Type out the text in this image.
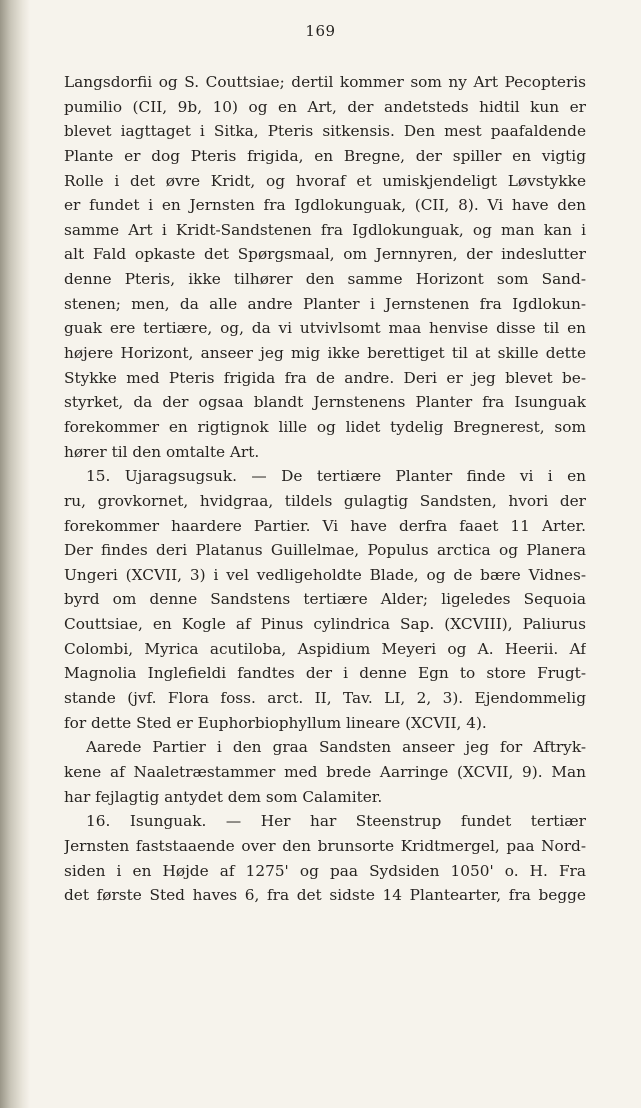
169
Langsdorfii og S. Couttsiae; dertil kommer som ny Art Pecopteris
pumilio (CII, 9b, 10) og en Art, der andetsteds hidtil kun er
blevet iagttaget i Sitka, Pteris sitkensis. Den mest paafaldende
Plante er dog Pteris frigida, en Bregne, der spiller en vigtig
Rolle i det øvre Kridt, og hvoraf et umiskjendeligt Løvstykke
er fundet i en Jernsten fra Igdlokunguak, (CII, 8). Vi have den
samme Art i Kridt-Sandstenen fra Igdlokunguak, og man kan i
alt Fald opkaste det Spørgsmaal, om Jernnyren, der indeslutter
denne Pteris, ikke tilhører den samme Horizont som Sand-
stenen; men, da alle andre Planter i Jernstenen fra Igdlokun-
guak ere tertiære, og, da vi utvivlsomt maa henvise disse til en
højere Horizont, anseer jeg mig ikke berettiget til at skille dette
Stykke med Pteris frigida fra de andre. Deri er jeg blevet be-
styrket, da der ogsaa blandt Jernstenens Planter fra Isunguak
forekommer en rigtignok lille og lidet tydelig Bregnerest, som
hører til den omtalte Art.
15. Ujaragsugsuk. — De tertiære Planter finde vi i en
ru, grovkornet, hvidgraa, tildels gulagtig Sandsten, hvori der
forekommer haardere Partier. Vi have derfra faaet 11 Arter.
Der findes deri Platanus Guillelmae, Populus arctica og Planera
Ungeri (XCVII, 3) i vel vedligeholdte Blade, og de bære Vidnes-
byrd om denne Sandstens tertiære Alder; ligeledes Sequoia
Couttsiae, en Kogle af Pinus cylindrica Sap. (XCVIII), Paliurus
Colombi, Myrica acutiloba, Aspidium Meyeri og A. Heerii. Af
Magnolia Inglefieldi fandtes der i denne Egn to store Frugt-
stande (jvf. Flora foss. arct. II, Tav. LI, 2, 3). Ejendommelig
for dette Sted er Euphorbiophyllum lineare (XCVII, 4).
Aarede Partier i den graa Sandsten anseer jeg for Aftryk-
kene af Naaletræstammer med brede Aarringe (XCVII, 9). Man
har fejlagtig antydet dem som Calamiter.
16. Isunguak. — Her har Steenstrup fundet tertiær
Jernsten faststaaende over den brunsorte Kridtmergel, paa Nord-
siden i en Højde af 1275' og paa Sydsiden 1050' o. H. Fra
det første Sted haves 6, fra det sidste 14 Plantearter, fra begge
